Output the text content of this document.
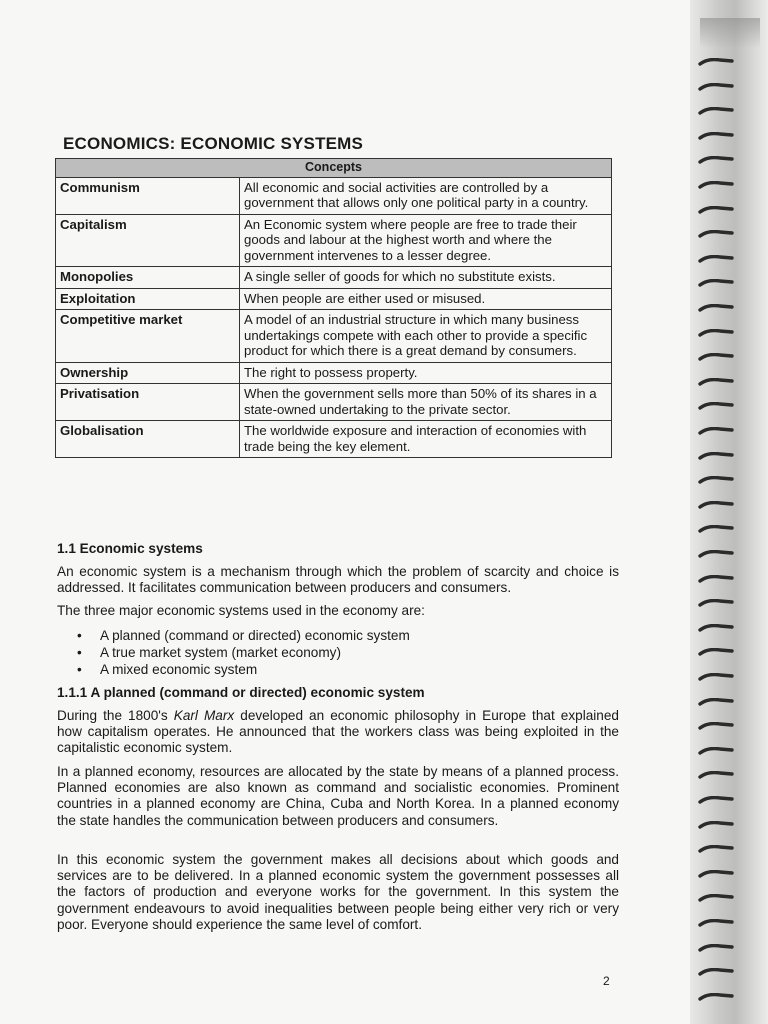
ECONOMICS: ECONOMIC SYSTEMS
Concepts	
Communism	All economic and social activities are controlled by a government that allows only one political party in a country.
Capitalism	An Economic system where people are free to trade their goods and labour at the highest worth and where the government intervenes to a lesser degree.
Monopolies	A single seller of goods for which no substitute exists.
Exploitation	When people are either used or misused.
Competitive market	A model of an industrial structure in which many business undertakings compete with each other to provide a specific product for which there is a great demand by consumers.
Ownership	The right to possess property.
Privatisation	When the government sells more than 50% of its shares in a state-owned undertaking to the private sector.
Globalisation	The worldwide exposure and interaction of economies with trade being the key element.
1.1 Economic systems
An economic system is a mechanism through which the problem of scarcity and choice is addressed. It facilitates communication between producers and consumers.
The three major economic systems used in the economy are:
• A planned (command or directed) economic system
• A true market system (market economy)
• A mixed economic system
1.1.1 A planned (command or directed) economic system
During the 1800's Karl Marx developed an economic philosophy in Europe that explained how capitalism operates. He announced that the workers class was being exploited in the capitalistic economic system.
In a planned economy, resources are allocated by the state by means of a planned process. Planned economies are also known as command and socialistic economies. Prominent countries in a planned economy are China, Cuba and North Korea. In a planned economy the state handles the communication between producers and consumers.
In this economic system the government makes all decisions about which goods and services are to be delivered. In a planned economic system the government possesses all the factors of production and everyone works for the government. In this system the government endeavours to avoid inequalities between people being either very rich or very poor. Everyone should experience the same level of comfort.
2
